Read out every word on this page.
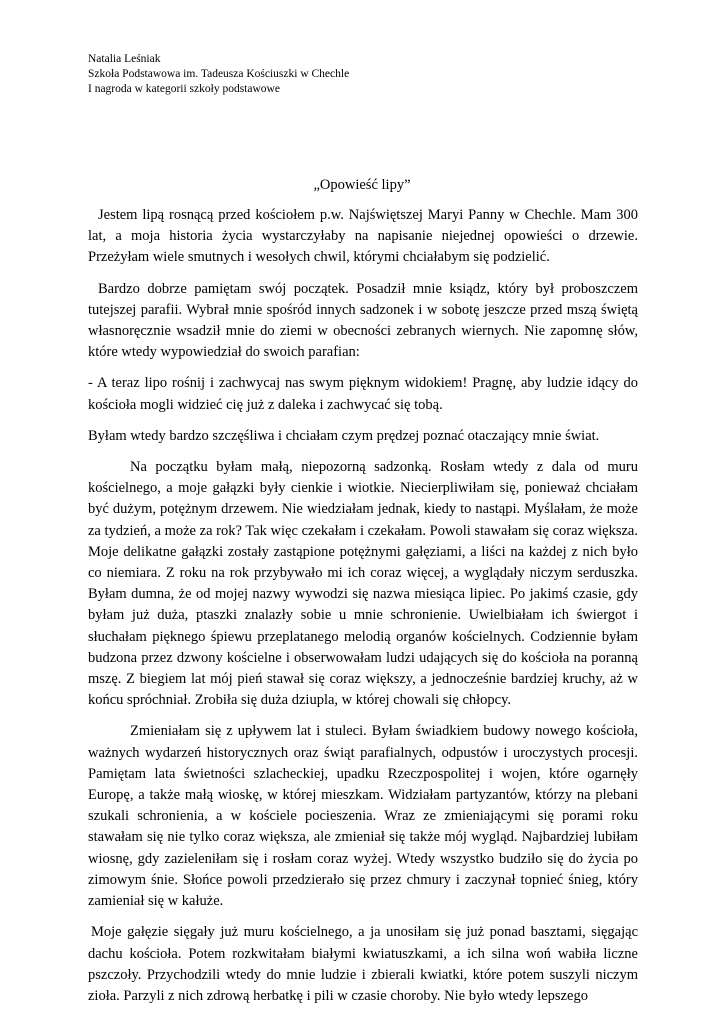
Natalia Leśniak
Szkoła Podstawowa im. Tadeusza Kościuszki w Chechle
I nagroda w kategorii szkoły podstawowe
„Opowieść lipy”

Jestem lipą rosnącą przed kościołem p.w. Najświętszej Maryi Panny w Chechle. Mam 300 lat, a moja historia życia wystarczyłaby na napisanie niejednej opowieści o drzewie. Przeżyłam wiele smutnych i wesołych chwil, którymi chciałabym się podzielić.

Bardzo dobrze pamiętam swój początek. Posadził mnie ksiądz, który był proboszczem tutejszej parafii. Wybrał mnie spośród innych sadzonek i w sobotę jeszcze przed mszą świętą własnoręcznie wsadził mnie do ziemi w obecności zebranych wiernych. Nie zapomnę słów, które wtedy wypowiedział do swoich parafian:

- A teraz lipo rośnij i zachwycaj nas swym pięknym widokiem! Pragnę, aby ludzie idący do kościoła mogli widzieć cię już z daleka i zachwycać się tobą.

Byłam wtedy bardzo szczęśliwa i chciałam czym prędzej poznać otaczający mnie świat.

Na początku byłam małą, niepozorną sadzonką. Rosłam wtedy z dala od muru kościelnego, a moje gałązki były cienkie i wiotkie. Niecierpliwiłam się, ponieważ chciałam być dużym, potężnym drzewem. Nie wiedziałam jednak, kiedy to nastąpi. Myślałam, że może za tydzień, a może za rok? Tak więc czekałam i czekałam. Powoli stawałam się coraz większa. Moje delikatne gałązki zostały zastąpione potężnymi gałęziami, a liści na każdej z nich było co niemiara. Z roku na rok przybywało mi ich coraz więcej, a wyglądały niczym serduszka. Byłam dumna, że od mojej nazwy wywodzi się nazwa miesiąca lipiec. Po jakimś czasie, gdy byłam już duża, ptaszki znalazły sobie u mnie schronienie. Uwielbiałam ich świergot i słuchałam pięknego śpiewu przeplatanego melodią organów kościelnych. Codziennie byłam budzona przez dzwony kościelne i obserwowałam ludzi udających się do kościoła na poranną mszę. Z biegiem lat mój pień stawał się coraz większy, a jednocześnie bardziej kruchy, aż w końcu spróchniał. Zrobiła się duża dziupla, w której chowali się chłopcy.

Zmieniałam się z upływem lat i stuleci. Byłam świadkiem budowy nowego kościoła, ważnych wydarzeń historycznych oraz świąt parafialnych, odpustów i uroczystych procesji. Pamiętam lata świetności szlacheckiej, upadku Rzeczpospolitej i wojen, które ogarnęły Europę, a także małą wioskę, w której mieszkam. Widziałam partyzantów, którzy na plebani szukali schronienia, a w kościele pocieszenia. Wraz ze zmieniającymi się porami roku stawałam się nie tylko coraz większa, ale zmieniał się także mój wygląd. Najbardziej lubiłam wiosnę, gdy zazieleniłam się i rosłam coraz wyżej. Wtedy wszystko budziło się do życia po zimowym śnie. Słońce powoli przedzierało się przez chmury i zaczynał topnieć śnieg, który zamieniał się w kałuże.

Moje gałęzie sięgały już muru kościelnego, a ja unosiłam się już ponad basztami, sięgając dachu kościoła. Potem rozkwitałam białymi kwiatuszkami, a ich silna woń wabiła liczne pszczoły. Przychodzili wtedy do mnie ludzie i zbierali kwiatki, które potem suszyli niczym zioła. Parzyli z nich zdrową herbatkę i pili w czasie choroby. Nie było wtedy lepszego
